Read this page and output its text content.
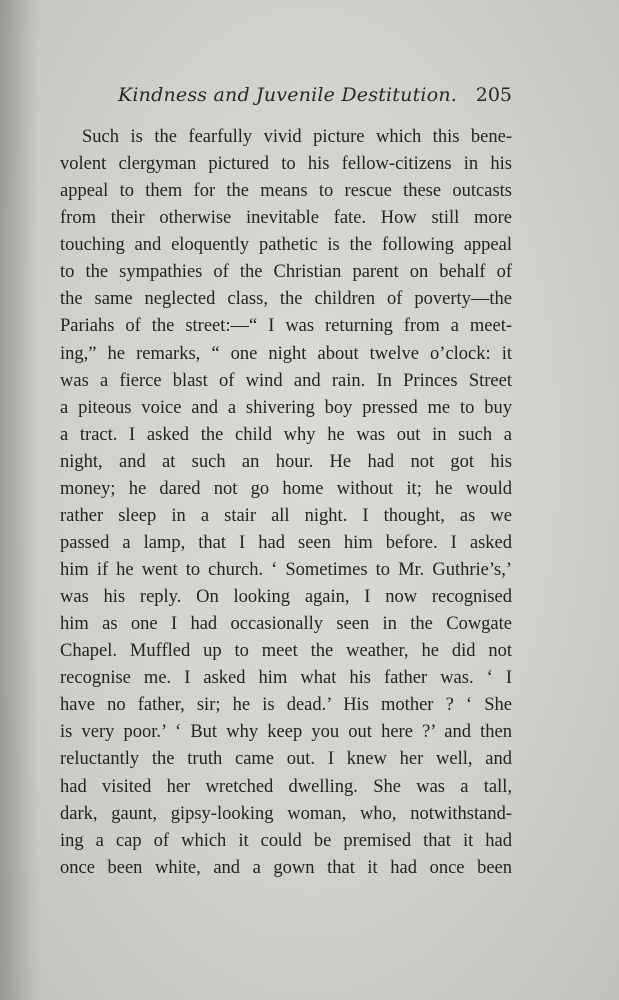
Kindness and Juvenile Destitution. 205
Such is the fearfully vivid picture which this bene-
volent clergyman pictured to his fellow-citizens in his
appeal to them for the means to rescue these outcasts
from their otherwise inevitable fate. How still more
touching and eloquently pathetic is the following appeal
to the sympathies of the Christian parent on behalf of
the same neglected class, the children of poverty—the
Pariahs of the street:—“ I was returning from a meet-
ing,” he remarks, “ one night about twelve o’clock: it
was a fierce blast of wind and rain. In Princes Street
a piteous voice and a shivering boy pressed me to buy
a tract. I asked the child why he was out in such a
night, and at such an hour. He had not got his
money; he dared not go home without it; he would
rather sleep in a stair all night. I thought, as we
passed a lamp, that I had seen him before. I asked
him if he went to church. ‘ Sometimes to Mr. Guthrie’s,’
was his reply. On looking again, I now recognised
him as one I had occasionally seen in the Cowgate
Chapel. Muffled up to meet the weather, he did not
recognise me. I asked him what his father was. ‘ I
have no father, sir; he is dead.’ His mother ? ‘ She
is very poor.’ ‘ But why keep you out here ?’ and then
reluctantly the truth came out. I knew her well, and
had visited her wretched dwelling. She was a tall,
dark, gaunt, gipsy-looking woman, who, notwithstand-
ing a cap of which it could be premised that it had
once been white, and a gown that it had once been
